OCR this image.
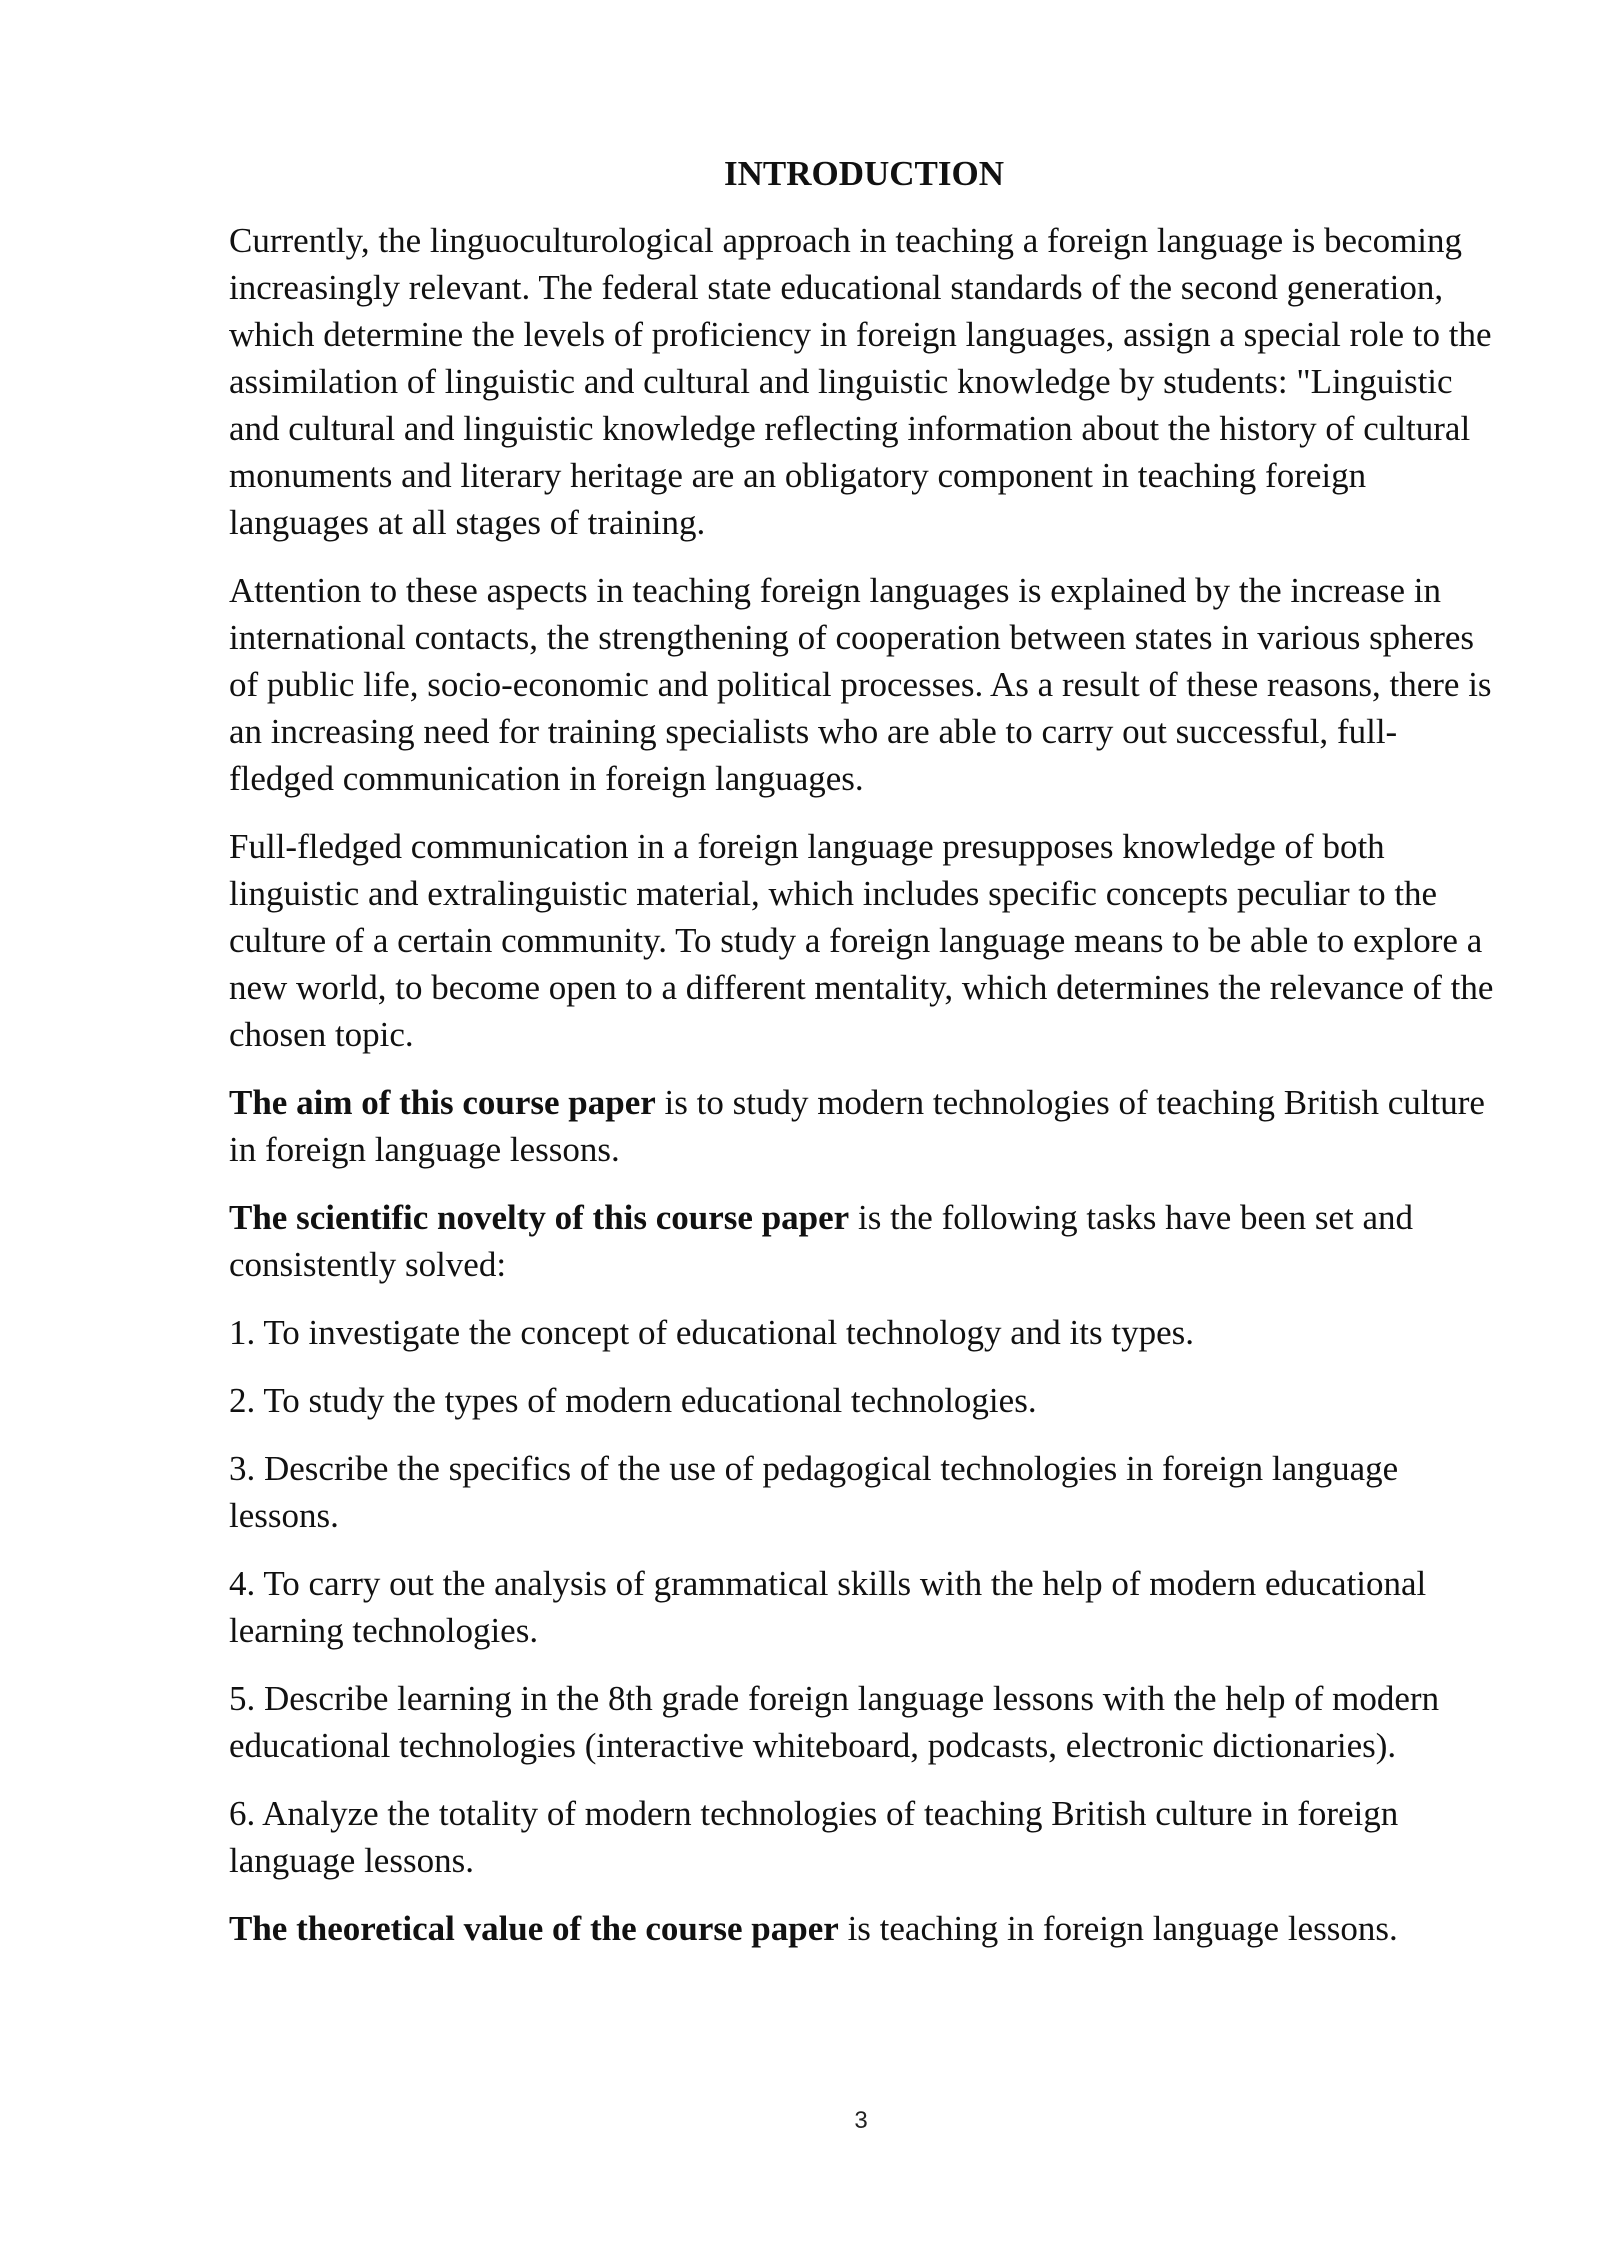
INTRODUCTION

Currently, the linguoculturological approach in teaching a foreign language is becoming increasingly relevant. The federal state educational standards of the second generation, which determine the levels of proficiency in foreign languages, assign a special role to the assimilation of linguistic and cultural and linguistic knowledge by students: "Linguistic and cultural and linguistic knowledge reflecting information about the history of cultural monuments and literary heritage are an obligatory component in teaching foreign languages at all stages of training.

Attention to these aspects in teaching foreign languages is explained by the increase in international contacts, the strengthening of cooperation between states in various spheres of public life, socio-economic and political processes. As a result of these reasons, there is an increasing need for training specialists who are able to carry out successful, full-fledged communication in foreign languages.

Full-fledged communication in a foreign language presupposes knowledge of both linguistic and extralinguistic material, which includes specific concepts peculiar to the culture of a certain community. To study a foreign language means to be able to explore a new world, to become open to a different mentality, which determines the relevance of the chosen topic.

The aim of this course paper is to study modern technologies of teaching British culture in foreign language lessons.

The scientific novelty of this course paper is the following tasks have been set and consistently solved:

1. To investigate the concept of educational technology and its types.

2. To study the types of modern educational technologies.

3. Describe the specifics of the use of pedagogical technologies in foreign language lessons.

4. To carry out the analysis of grammatical skills with the help of modern educational learning technologies.

5. Describe learning in the 8th grade foreign language lessons with the help of modern educational technologies (interactive whiteboard, podcasts, electronic dictionaries).

6. Analyze the totality of modern technologies of teaching British culture in foreign language lessons.

The theoretical value of the course paper is teaching in foreign language lessons.

3
